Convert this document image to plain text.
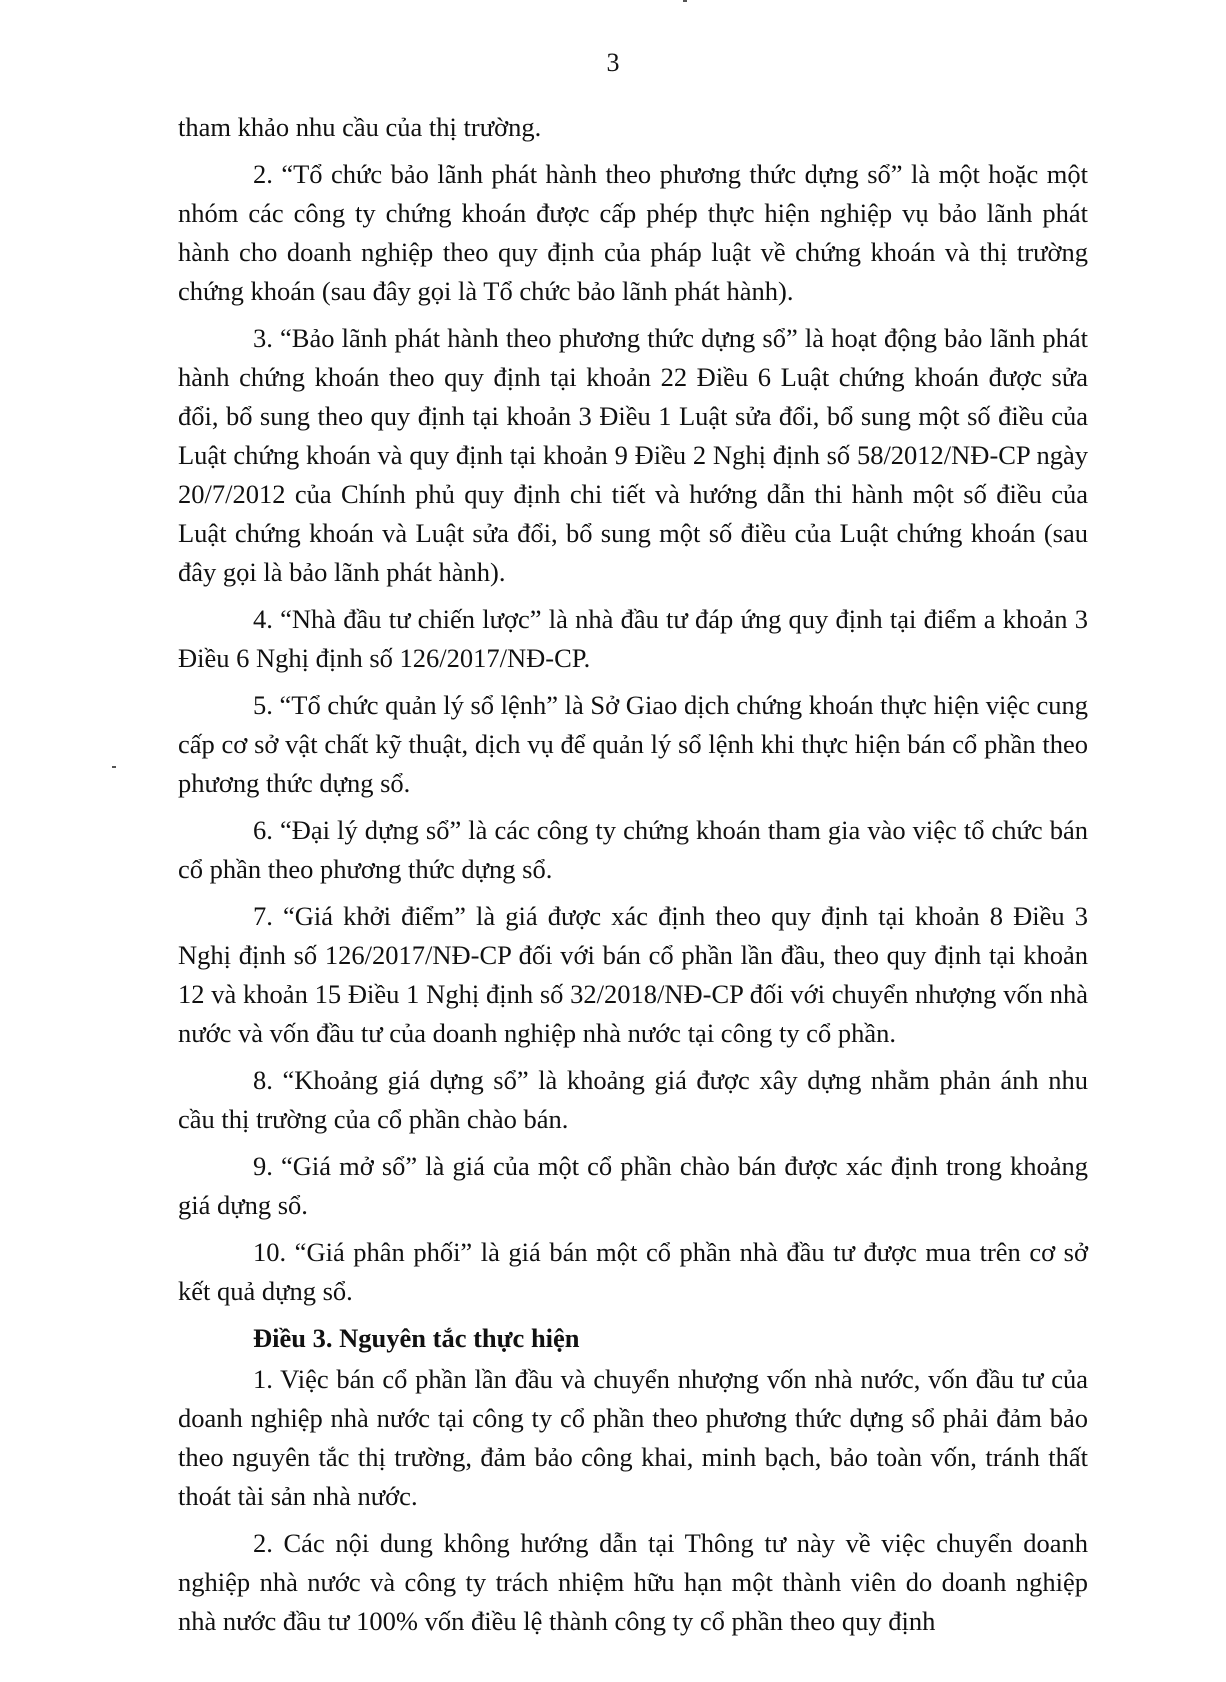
3

tham khảo nhu cầu của thị trường.

2. “Tổ chức bảo lãnh phát hành theo phương thức dựng sổ” là một hoặc một nhóm các công ty chứng khoán được cấp phép thực hiện nghiệp vụ bảo lãnh phát hành cho doanh nghiệp theo quy định của pháp luật về chứng khoán và thị trường chứng khoán (sau đây gọi là Tổ chức bảo lãnh phát hành).

3. “Bảo lãnh phát hành theo phương thức dựng sổ” là hoạt động bảo lãnh phát hành chứng khoán theo quy định tại khoản 22 Điều 6 Luật chứng khoán được sửa đổi, bổ sung theo quy định tại khoản 3 Điều 1 Luật sửa đổi, bổ sung một số điều của Luật chứng khoán và quy định tại khoản 9 Điều 2 Nghị định số 58/2012/NĐ-CP ngày 20/7/2012 của Chính phủ quy định chi tiết và hướng dẫn thi hành một số điều của Luật chứng khoán và Luật sửa đổi, bổ sung một số điều của Luật chứng khoán (sau đây gọi là bảo lãnh phát hành).

4. “Nhà đầu tư chiến lược” là nhà đầu tư đáp ứng quy định tại điểm a khoản 3 Điều 6 Nghị định số 126/2017/NĐ-CP.

5. “Tổ chức quản lý sổ lệnh” là Sở Giao dịch chứng khoán thực hiện việc cung cấp cơ sở vật chất kỹ thuật, dịch vụ để quản lý sổ lệnh khi thực hiện bán cổ phần theo phương thức dựng sổ.

6. “Đại lý dựng sổ” là các công ty chứng khoán tham gia vào việc tổ chức bán cổ phần theo phương thức dựng sổ.

7. “Giá khởi điểm” là giá được xác định theo quy định tại khoản 8 Điều 3 Nghị định số 126/2017/NĐ-CP đối với bán cổ phần lần đầu, theo quy định tại khoản 12 và khoản 15 Điều 1 Nghị định số 32/2018/NĐ-CP đối với chuyển nhượng vốn nhà nước và vốn đầu tư của doanh nghiệp nhà nước tại công ty cổ phần.

8. “Khoảng giá dựng sổ” là khoảng giá được xây dựng nhằm phản ánh nhu cầu thị trường của cổ phần chào bán.

9. “Giá mở sổ” là giá của một cổ phần chào bán được xác định trong khoảng giá dựng sổ.

10. “Giá phân phối” là giá bán một cổ phần nhà đầu tư được mua trên cơ sở kết quả dựng sổ.

Điều 3. Nguyên tắc thực hiện

1. Việc bán cổ phần lần đầu và chuyển nhượng vốn nhà nước, vốn đầu tư của doanh nghiệp nhà nước tại công ty cổ phần theo phương thức dựng sổ phải đảm bảo theo nguyên tắc thị trường, đảm bảo công khai, minh bạch, bảo toàn vốn, tránh thất thoát tài sản nhà nước.

2. Các nội dung không hướng dẫn tại Thông tư này về việc chuyển doanh nghiệp nhà nước và công ty trách nhiệm hữu hạn một thành viên do doanh nghiệp nhà nước đầu tư 100% vốn điều lệ thành công ty cổ phần theo quy định
